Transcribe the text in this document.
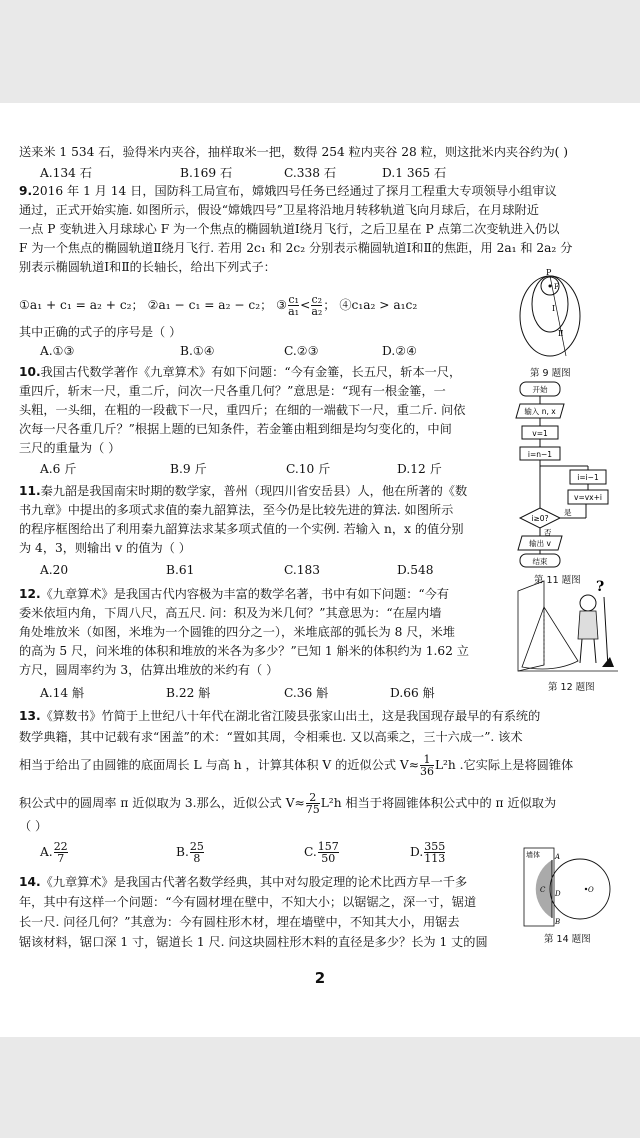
送来米 1 534 石，验得米内夹谷，抽样取米一把，数得 254 粒内夹谷 28 粒，则这批米内夹谷约为( )
A.134 石	B.169 石	C.338 石	D.1 365 石
9.2016 年 1 月 14 日，国防科工局宣布，嫦娥四号任务已经通过了探月工程重大专项领导小组审议
通过，正式开始实施. 如图所示，假设“嫦娥四号”卫星将沿地月转移轨道飞向月球后，在月球附近
一点 P 变轨进入月球球心 F 为一个焦点的椭圆轨道Ⅰ绕月飞行，之后卫星在 P 点第二次变轨进入仍以
F 为一个焦点的椭圆轨道Ⅱ绕月飞行. 若用 2c₁ 和 2c₂ 分别表示椭圆轨道Ⅰ和Ⅱ的焦距，用 2a₁ 和 2a₂ 分
别表示椭圆轨道Ⅰ和Ⅱ的长轴长，给出下列式子：
①a₁ + c₁ = a₂ + c₂； ②a₁ − c₁ = a₂ − c₂； ③ $\frac{\text{c₁}}{\text{a₁}} < \frac{\text{c₂}}{\text{a₂}}$ ； ④c₁a₂ > a₁c₂
其中正确的式子的序号是（ ）
A.①③	B.①④	C.②③	D.②④
P
F
Ⅰ
Ⅱ
第 9 题图
10.我国古代数学著作《九章算术》有如下问题：“今有金箠，长五尺，斩本一尺，
重四斤，斩末一尺，重二斤，问次一尺各重几何？”意思是：“现有一根金箠，一
头粗，一头细，在粗的一段截下一尺，重四斤；在细的一端截下一尺，重二斤. 问依
次每一尺各重几斤？”根据上题的已知条件，若金箠由粗到细是均匀变化的，中间
三尺的重量为（ ）
A.6 斤	B.9 斤	C.10 斤	D.12 斤
11.秦九韶是我国南宋时期的数学家，普州（现四川省安岳县）人，他在所著的《数
书九章》中提出的多项式求值的秦九韶算法，至今仍是比较先进的算法. 如图所示
的程序框图给出了利用秦九韶算法求某多项式值的一个实例. 若输入 n，x 的值分别
为 4，3，则输出 v 的值为（ ）
A.20	B.61	C.183	D.548
开始
输入 n, x
v=1
i=n−1
i≥0?
是
v=vx+i
i=i−1
否
输出 v
结束
第 11 题图
12.《九章算术》是我国古代内容极为丰富的数学名著，书中有如下问题：“今有
委米依垣内角，下周八尺，高五尺. 问：积及为米几何？”其意思为：“在屋内墙
角处堆放米（如图，米堆为一个圆锥的四分之一），米堆底部的弧长为 8 尺，米堆
的高为 5 尺，问米堆的体积和堆放的米各为多少？”已知 1 斛米的体积约为 1.62 立
方尺，圆周率约为 3，估算出堆放的米约有（ ）
A.14 斛	B.22 斛	C.36 斛	D.66 斛
?
第 12 题图
13.《算数书》竹简于上世纪八十年代在湖北省江陵县张家山出土，这是我国现存最早的有系统的
数学典籍，其中记载有求“囷盖”的术：“置如其周，令相乘也. 又以高乘之，三十六成一”. 该术
相当于给出了由圆锥的底面周长 L 与高 h ，计算其体积 V 的近似公式 $V\approx \frac{1}{36} L^2h$ .它实际上是将圆锥体
积公式中的圆周率 π 近似取为 3.那么，近似公式 $V\approx \frac{2}{75} L^2h$ 相当于将圆锥体积公式中的 π 近似取为
（ ）
A. $\frac{22}{7}$	B. $\frac{25}{8}$	C. $\frac{157}{50}$	D. $\frac{355}{113}$
14.《九章算术》是我国古代著名数学经典，其中对勾股定理的论术比西方早一千多
年，其中有这样一个问题：“今有圆材埋在壁中，不知大小；以锯锯之，深一寸，锯道
长一尺. 问径几何？”其意为：今有圆柱形木材，埋在墙壁中，不知其大小，用锯去
锯该材料，锯口深 1 寸，锯道长 1 尺. 问这块圆柱形木料的直径是多少？长为 1 丈的圆
墙体 A
B
C D	O
第 14 题图
2
